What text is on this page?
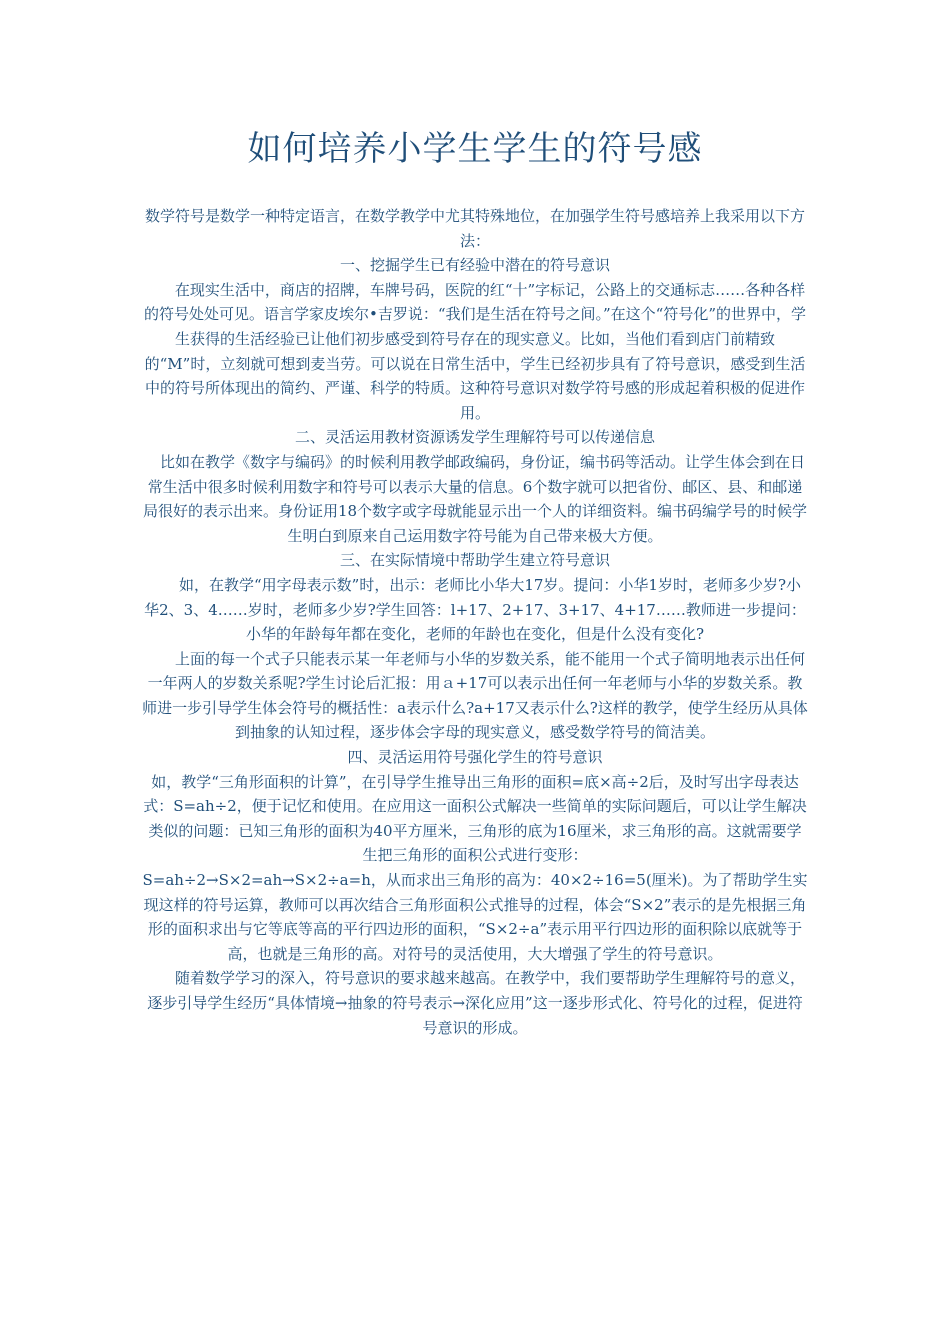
如何培养小学生学生的符号感

数学符号是数学一种特定语言，在数学教学中尤其特殊地位，在加强学生符号感培养上我采用以下方法：

一、挖掘学生已有经验中潜在的符号意识

　　在现实生活中，商店的招牌，车牌号码，医院的红“十”字标记，公路上的交通标志……各种各样的符号处处可见。语言学家皮埃尔•吉罗说：“我们是生活在符号之间。”在这个“符号化”的世界中，学生获得的生活经验已让他们初步感受到符号存在的现实意义。比如，当他们看到店门前精致的“M”时，立刻就可想到麦当劳。可以说在日常生活中，学生已经初步具有了符号意识，感受到生活中的符号所体现出的简约、严谨、科学的特质。这种符号意识对数学符号感的形成起着积极的促进作用。

二、灵活运用教材资源诱发学生理解符号可以传递信息

　比如在教学《数字与编码》的时候利用教学邮政编码，身份证，编书码等活动。让学生体会到在日常生活中很多时候利用数字和符号可以表示大量的信息。6个数字就可以把省份、邮区、县、和邮递局很好的表示出来。身份证用18个数字或字母就能显示出一个人的详细资料。编书码编学号的时候学生明白到原来自己运用数字符号能为自己带来极大方便。

三、在实际情境中帮助学生建立符号意识

　　如，在教学“用字母表示数”时，出示：老师比小华大17岁。提问：小华1岁时，老师多少岁?小华2、3、4……岁时，老师多少岁?学生回答：l+17、2+17、3+17、4+17……教师进一步提问：小华的年龄每年都在变化，老师的年龄也在变化，但是什么没有变化?

　　上面的每一个式子只能表示某一年老师与小华的岁数关系，能不能用一个式子简明地表示出任何一年两人的岁数关系呢?学生讨论后汇报：用ａ+17可以表示出任何一年老师与小华的岁数关系。教师进一步引导学生体会符号的概括性：a表示什么?a+17又表示什么?这样的教学，使学生经历从具体到抽象的认知过程，逐步体会字母的现实意义，感受数学符号的简洁美。

四、灵活运用符号强化学生的符号意识

如，教学“三角形面积的计算”，在引导学生推导出三角形的面积=底×高÷2后，及时写出字母表达式：S=ah÷2，便于记忆和使用。在应用这一面积公式解决一些简单的实际问题后，可以让学生解决类似的问题：已知三角形的面积为40平方厘米，三角形的底为16厘米，求三角形的高。这就需要学生把三角形的面积公式进行变形：

S=ah÷2→S×2=ah→S×2÷a=h，从而求出三角形的高为：40×2÷16=5(厘米)。为了帮助学生实现这样的符号运算，教师可以再次结合三角形面积公式推导的过程，体会“S×2”表示的是先根据三角形的面积求出与它等底等高的平行四边形的面积，“S×2÷a”表示用平行四边形的面积除以底就等于高，也就是三角形的高。对符号的灵活使用，大大增强了学生的符号意识。

　　随着数学学习的深入，符号意识的要求越来越高。在教学中，我们要帮助学生理解符号的意义，逐步引导学生经历“具体情境→抽象的符号表示→深化应用”这一逐步形式化、符号化的过程，促进符号意识的形成。
